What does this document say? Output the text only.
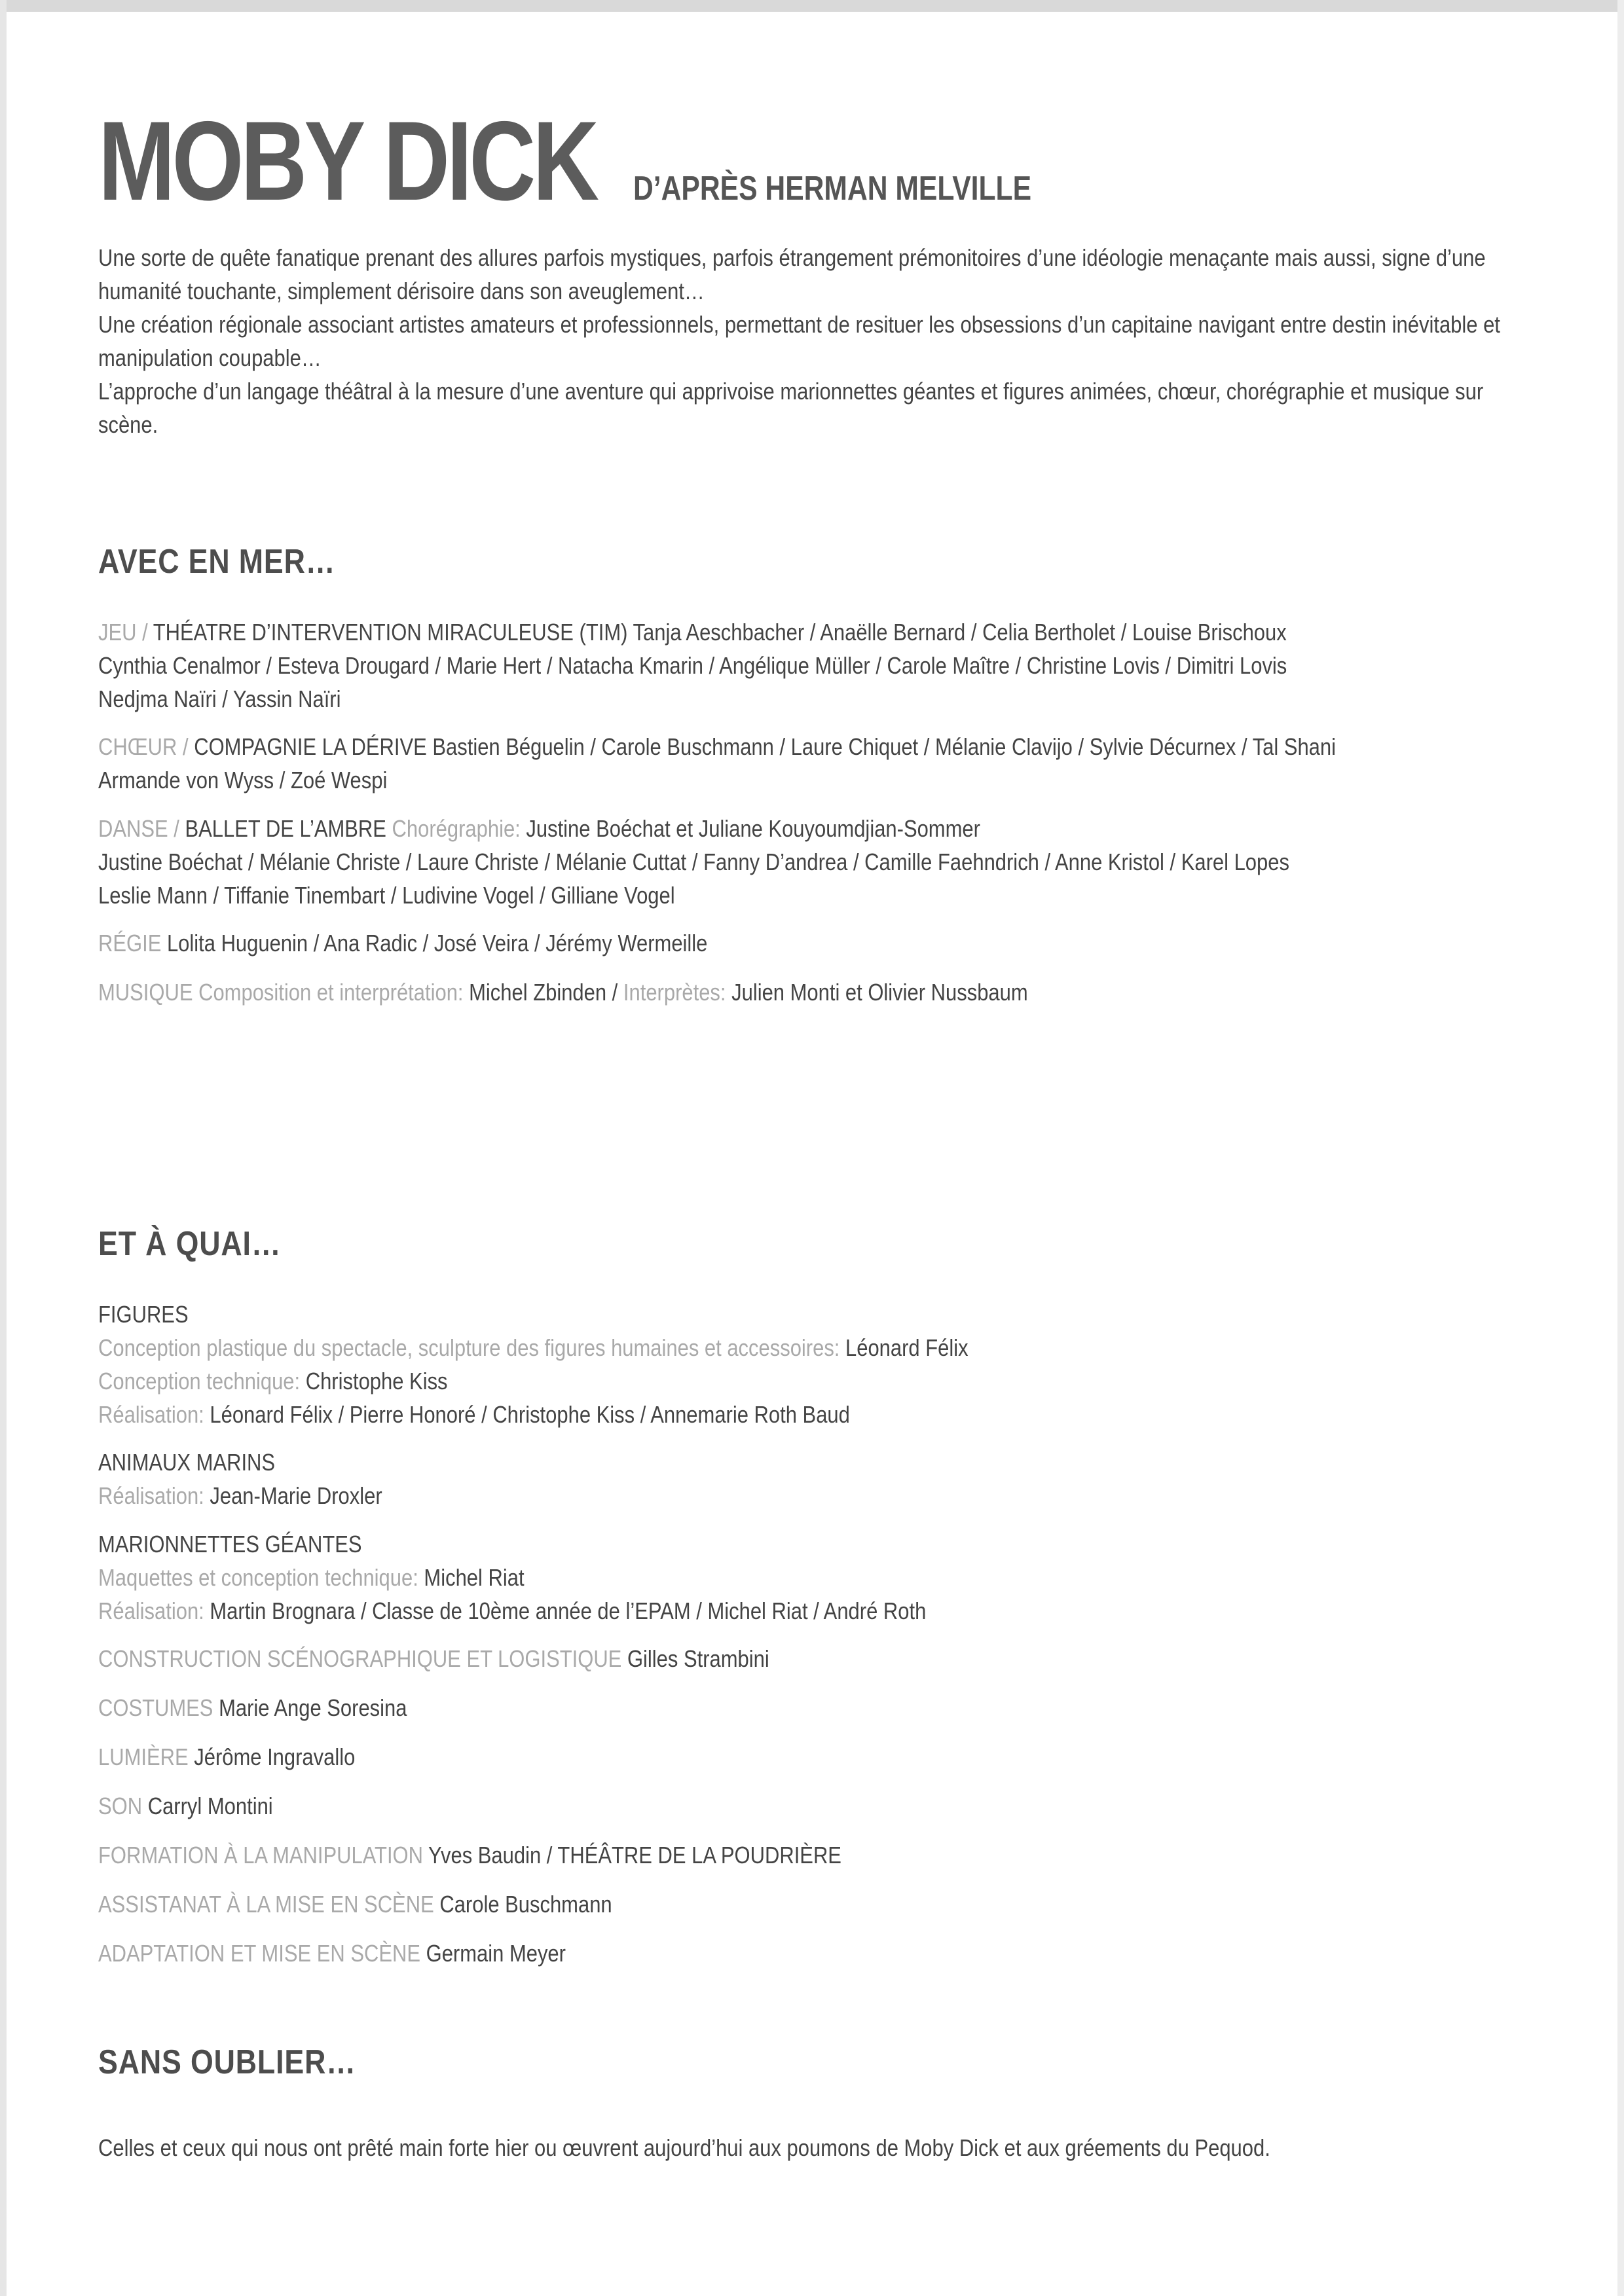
MOBY DICK D’APRÈS HERMAN MELVILLE

Une sorte de quête fanatique prenant des allures parfois mystiques, parfois étrangement prémonitoires d’une idéologie menaçante mais aussi, signe d’une humanité touchante, simplement dérisoire dans son aveuglement…

Une création régionale associant artistes amateurs et professionnels, permettant de resituer les obsessions d’un capitaine navigant entre destin inévitable et manipulation coupable…

L’approche d’un langage théâtral à la mesure d’une aventure qui apprivoise marionnettes géantes et figures animées, chœur, chorégraphie et musique sur scène.

AVEC EN MER…
JEU / THÉATRE D’INTERVENTION MIRACULEUSE (TIM) Tanja Aeschbacher / Anaëlle Bernard / Celia Bertholet / Louise Brischoux
Cynthia Cenalmor / Esteva Drougard / Marie Hert / Natacha Kmarin / Angélique Müller / Carole Maître / Christine Lovis / Dimitri Lovis
Nedjma Naïri / Yassin Naïri
CHŒUR / COMPAGNIE LA DÉRIVE Bastien Béguelin / Carole Buschmann / Laure Chiquet / Mélanie Clavijo / Sylvie Décurnex / Tal Shani
Armande von Wyss / Zoé Wespi
DANSE / BALLET DE L’AMBRE Chorégraphie: Justine Boéchat et Juliane Kouyoumdjian-Sommer
Justine Boéchat / Mélanie Christe / Laure Christe / Mélanie Cuttat / Fanny D’andrea / Camille Faehndrich / Anne Kristol / Karel Lopes
Leslie Mann / Tiffanie Tinembart / Ludivine Vogel / Gilliane Vogel
RÉGIE Lolita Huguenin / Ana Radic / José Veira / Jérémy Wermeille
MUSIQUE Composition et interprétation: Michel Zbinden / Interprètes: Julien Monti et Olivier Nussbaum
ET À QUAI…
FIGURES
Conception plastique du spectacle, sculpture des figures humaines et accessoires: Léonard Félix
Conception technique: Christophe Kiss
Réalisation: Léonard Félix / Pierre Honoré / Christophe Kiss / Annemarie Roth Baud
ANIMAUX MARINS
Réalisation: Jean-Marie Droxler
MARIONNETTES GÉANTES
Maquettes et conception technique: Michel Riat
Réalisation: Martin Brognara / Classe de 10ème année de l’EPAM / Michel Riat / André Roth
CONSTRUCTION SCÉNOGRAPHIQUE ET LOGISTIQUE Gilles Strambini
COSTUMES Marie Ange Soresina
LUMIÈRE Jérôme Ingravallo
SON Carryl Montini
FORMATION À LA MANIPULATION Yves Baudin / THÉÂTRE DE LA POUDRIÈRE
ASSISTANAT À LA MISE EN SCÈNE Carole Buschmann
ADAPTATION ET MISE EN SCÈNE Germain Meyer
SANS OUBLIER…
Celles et ceux qui nous ont prêté main forte hier ou œuvrent aujourd’hui aux poumons de Moby Dick et aux gréements du Pequod.
